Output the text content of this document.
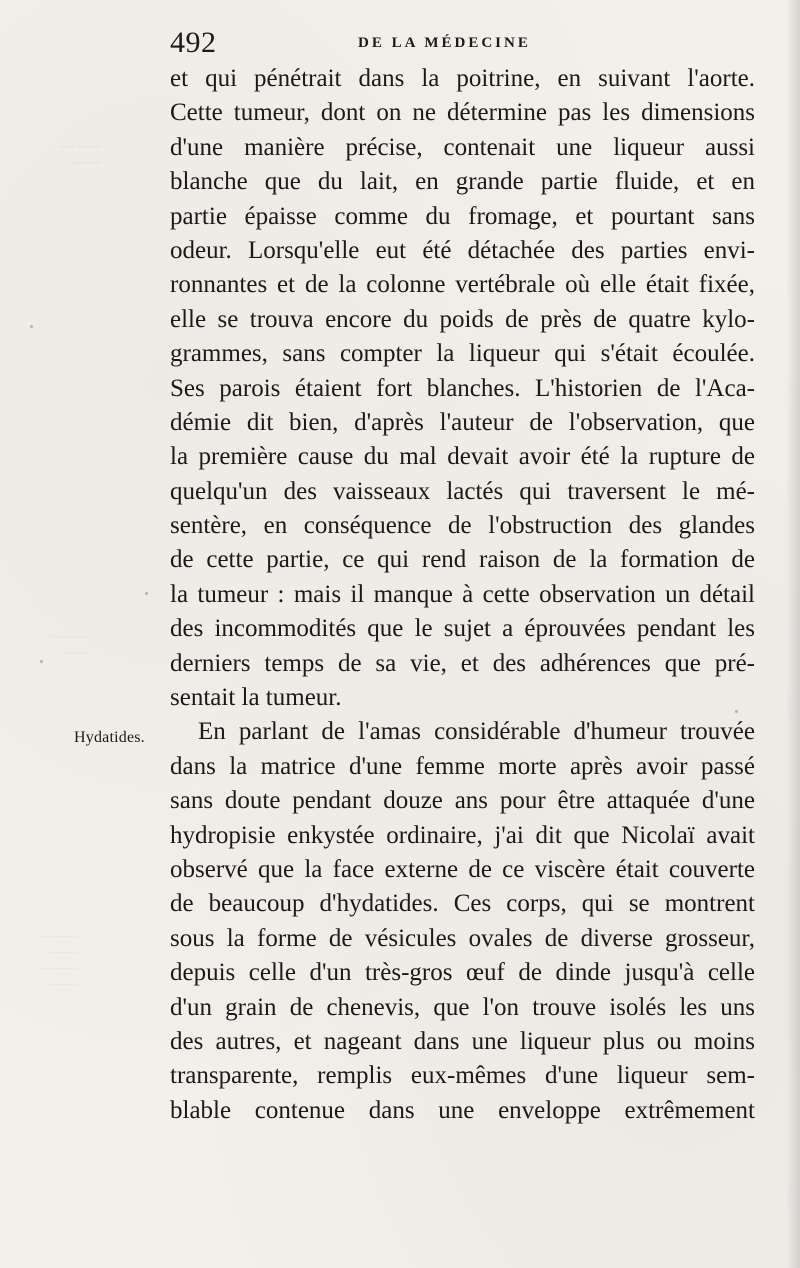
~~~ ~~
~~~~
~~~~~
~~~
~~~~~
~~~~
~~~~~
~~~~
492	DE LA MÉDECINE
Hydatides.
et qui pénétrait dans la poitrine, en suivant l'aorte.
Cette tumeur, dont on ne détermine pas les dimensions
d'une manière précise, contenait une liqueur aussi
blanche que du lait, en grande partie fluide, et en
partie épaisse comme du fromage, et pourtant sans
odeur. Lorsqu'elle eut été détachée des parties envi-
ronnantes et de la colonne vertébrale où elle était fixée,
elle se trouva encore du poids de près de quatre kylo-
grammes, sans compter la liqueur qui s'était écoulée.
Ses parois étaient fort blanches. L'historien de l'Aca-
démie dit bien, d'après l'auteur de l'observation, que
la première cause du mal devait avoir été la rupture de
quelqu'un des vaisseaux lactés qui traversent le mé-
sentère, en conséquence de l'obstruction des glandes
de cette partie, ce qui rend raison de la formation de
la tumeur : mais il manque à cette observation un détail
des incommodités que le sujet a éprouvées pendant les
derniers temps de sa vie, et des adhérences que pré-
sentait la tumeur.
En parlant de l'amas considérable d'humeur trouvée
dans la matrice d'une femme morte après avoir passé
sans doute pendant douze ans pour être attaquée d'une
hydropisie enkystée ordinaire, j'ai dit que Nicolaï avait
observé que la face externe de ce viscère était couverte
de beaucoup d'hydatides. Ces corps, qui se montrent
sous la forme de vésicules ovales de diverse grosseur,
depuis celle d'un très-gros œuf de dinde jusqu'à celle
d'un grain de chenevis, que l'on trouve isolés les uns
des autres, et nageant dans une liqueur plus ou moins
transparente, remplis eux-mêmes d'une liqueur sem-
blable contenue dans une enveloppe extrêmement
